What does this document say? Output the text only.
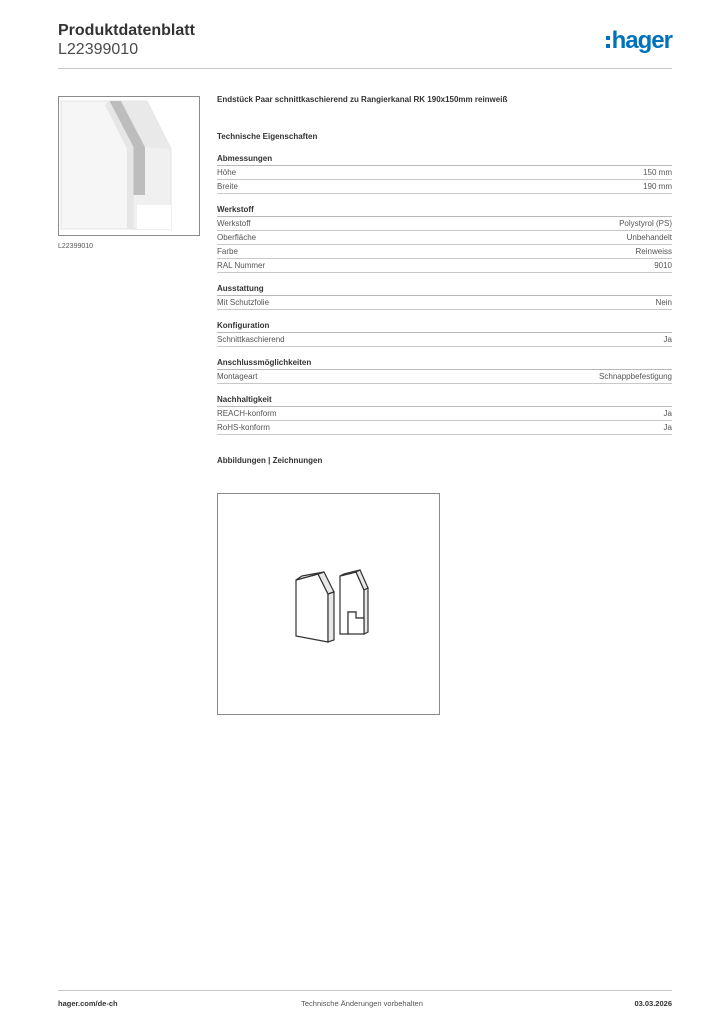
Produktdatenblatt
L22399010	hager
L22399010
Endstück Paar schnittkaschierend zu Rangierkanal RK 190x150mm reinweiß
Technische Eigenschaften
Abmessungen
Höhe	150 mm
Breite	190 mm
Werkstoff
Werkstoff	Polystyrol (PS)
Oberfläche	Unbehandelt
Farbe	Reinweiss
RAL Nummer	9010
Ausstattung
Mit Schutzfolie	Nein
Konfiguration
Schnittkaschierend	Ja
Anschlussmöglichkeiten
Montageart	Schnappbefestigung
Nachhaltigkeit
REACH-konform	Ja
RoHS-konform	Ja
Abbildungen | Zeichnungen
hager.com/de-ch	Technische Änderungen vorbehalten	03.03.2026
